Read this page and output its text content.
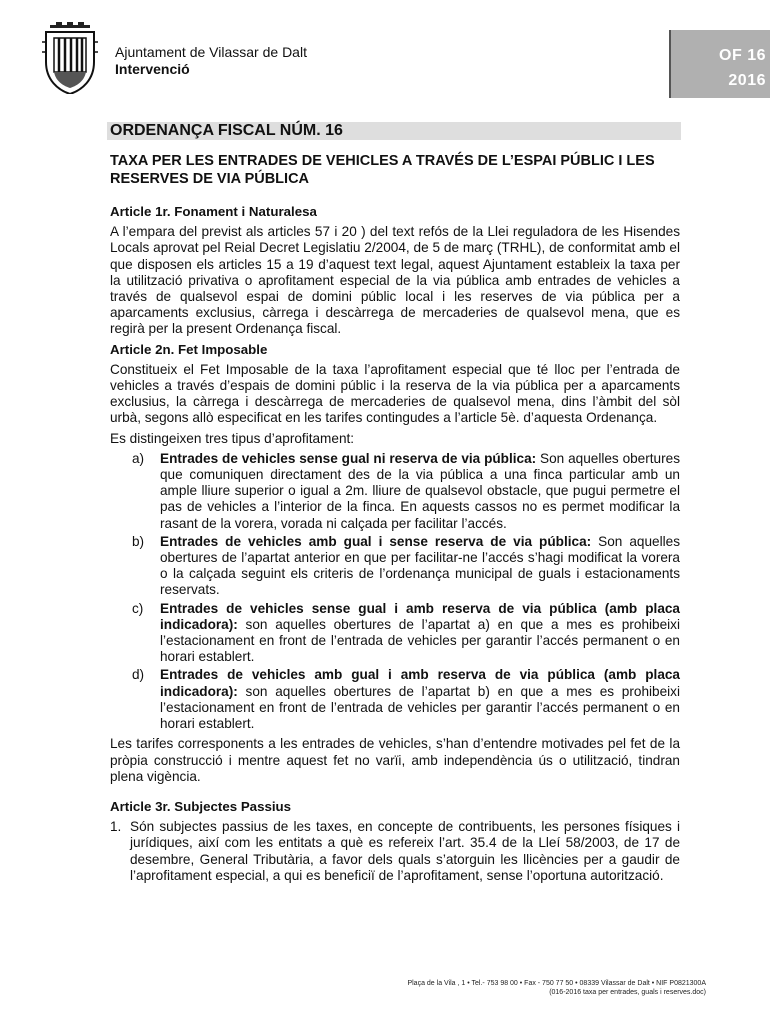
Ajuntament de Vilassar de Dalt
Intervenció
OF 16
2016
ORDENANÇA FISCAL NÚM. 16
TAXA PER LES ENTRADES DE VEHICLES A TRAVÉS DE L’ESPAI PÚBLIC I LES RESERVES DE VIA PÚBLICA
Article 1r. Fonament i Naturalesa

A l’empara del previst als articles 57 i 20 ) del text refós de la Llei reguladora de les Hisendes Locals aprovat pel Reial Decret Legislatiu 2/2004, de 5 de març (TRHL), de conformitat amb el que disposen els articles 15 a 19 d’aquest text legal, aquest Ajuntament estableix la taxa per la utilització privativa o aprofitament especial de la via pública amb entrades de vehicles a través de qualsevol espai de domini públic local i les reserves de via pública per a aparcaments exclusius, càrrega i descàrrega de mercaderies de qualsevol mena, que es regirà per la present Ordenança fiscal.

Article 2n. Fet Imposable

Constitueix el Fet Imposable de la taxa l’aprofitament especial que té lloc per l’entrada de vehicles a través d’espais de domini públic i la reserva de la via pública per a aparcaments exclusius, la càrrega i descàrrega de mercaderies de qualsevol mena, dins l’àmbit del sòl urbà, segons allò especificat en les tarifes contingudes a l’article 5è. d’aquesta Ordenança.

Es distingeixen tres tipus d’aprofitament:

a)	Entrades de vehicles sense gual ni reserva de via pública: Son aquelles obertures que comuniquen directament des de la via pública a una finca particular amb un ample lliure superior o igual a 2m. lliure de qualsevol obstacle, que pugui permetre el pas de vehicles a l’interior de la finca. En aquests cassos no es permet modificar la rasant de la vorera, vorada ni calçada per facilitar l’accés.
b)	Entrades de vehicles amb gual i sense reserva de via pública: Son aquelles obertures de l’apartat anterior en que per facilitar-ne l’accés s’hagi modificat la vorera o la calçada seguint els criteris de l’ordenança municipal de guals i estacionaments reservats.
c)	Entrades de vehicles sense gual i amb reserva de via pública (amb placa indicadora): son aquelles obertures de l’apartat a) en que a mes es prohibeixi l’estacionament en front de l’entrada de vehicles per garantir l’accés permanent o en horari establert.
d)	Entrades de vehicles amb gual i amb reserva de via pública (amb placa indicadora): son aquelles obertures de l’apartat b) en que a mes es prohibeixi l’estacionament en front de l’entrada de vehicles per garantir l’accés permanent o en horari establert.

Les tarifes corresponents a les entrades de vehicles, s’han d’entendre motivades pel fet de la pròpia construcció i mentre aquest fet no varïi, amb independència ús o utilització, tindran plena vigència.

Article 3r. Subjectes Passius
1. Són subjectes passius de les taxes, en concepte de contribuents, les persones físiques i jurídiques, així com les entitats a què es refereix l’art. 35.4 de la Lleí 58/2003, de 17 de desembre, General Tributària, a favor dels quals s’atorguin les llicències per a gaudir de l’aprofitament especial, a qui es beneficiï de l’aprofitament, sense l’oportuna autorització.
Plaça de la Vila , 1 • Tel.- 753 98 00 • Fax - 750 77 50 • 08339 Vilassar de Dalt • NIF P0821300A
(016-2016 taxa per entrades, guals i reserves.doc)
